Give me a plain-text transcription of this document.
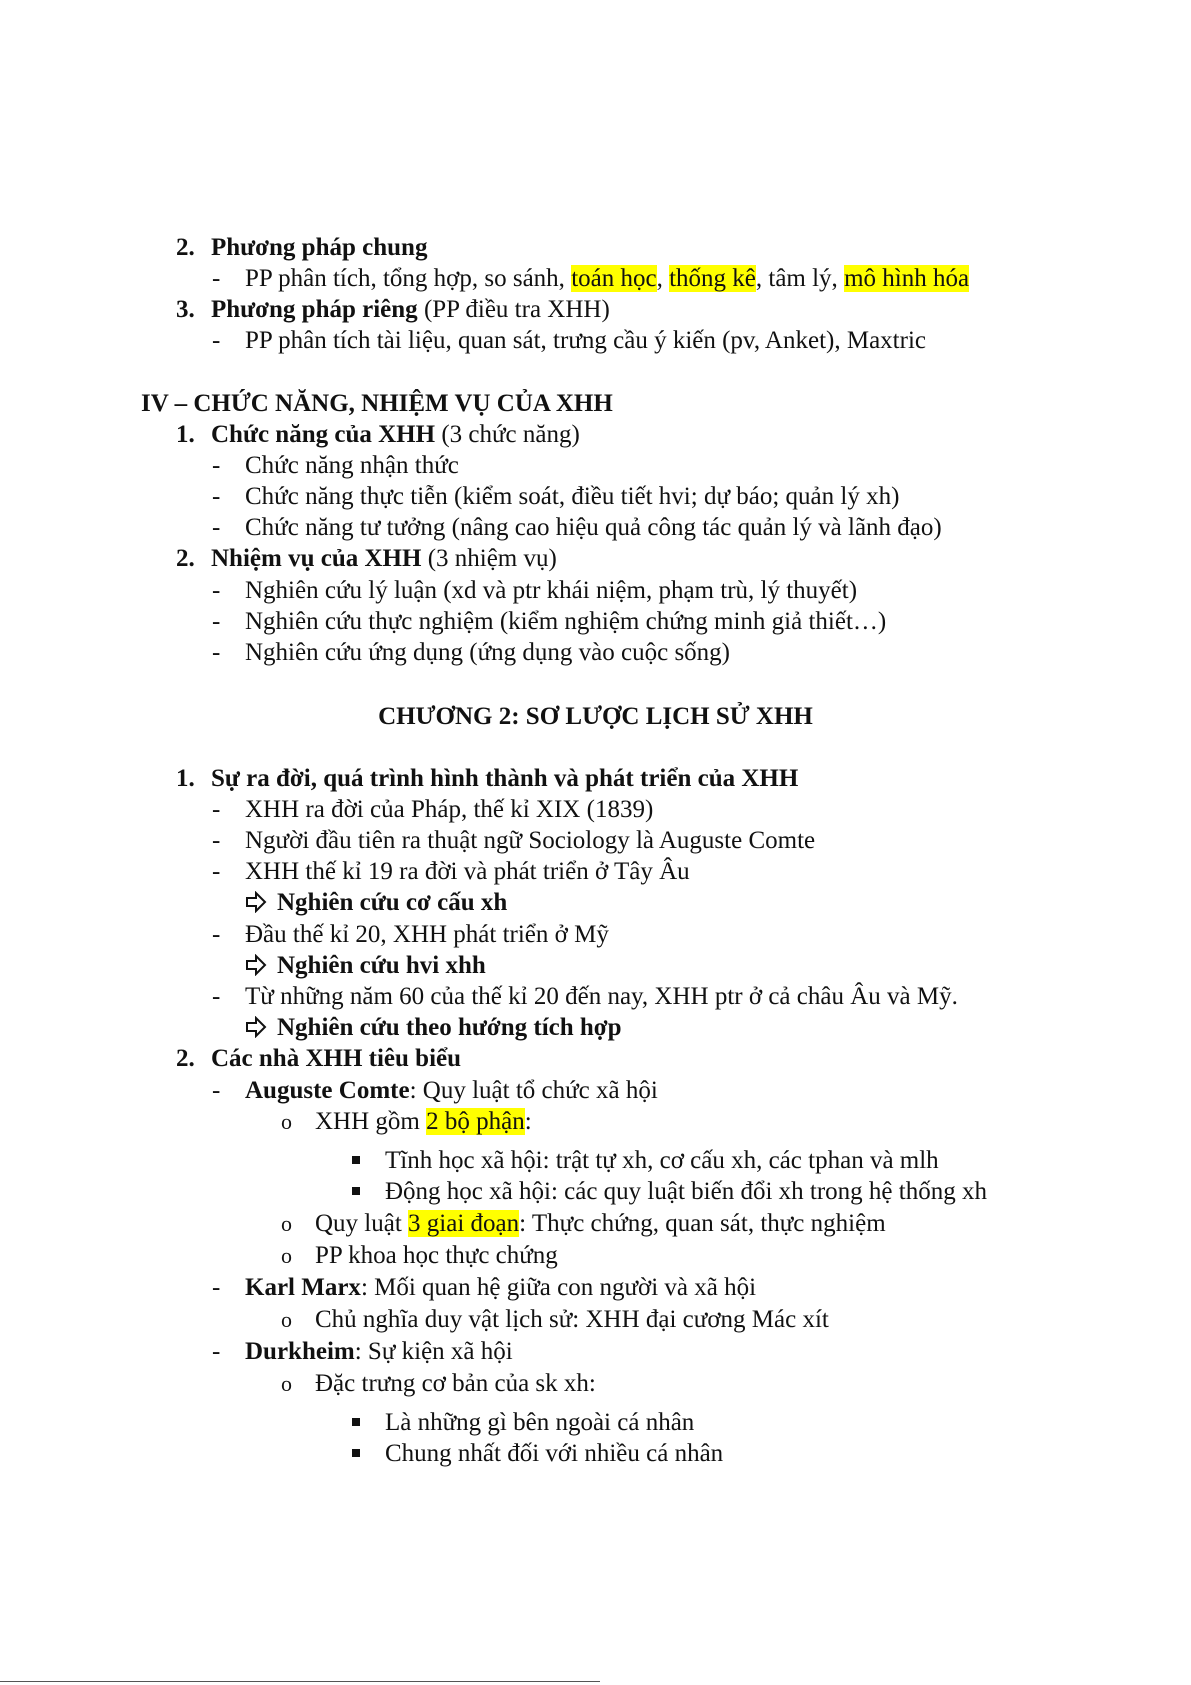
2. Phương pháp chung
- PP phân tích, tổng hợp, so sánh, toán học, thống kê, tâm lý, mô hình hóa
3. Phương pháp riêng (PP điều tra XHH)
- PP phân tích tài liệu, quan sát, trưng cầu ý kiến (pv, Anket), Maxtric
IV – CHỨC NĂNG, NHIỆM VỤ CỦA XHH
1. Chức năng của XHH (3 chức năng)
- Chức năng nhận thức
- Chức năng thực tiễn (kiểm soát, điều tiết hvi; dự báo; quản lý xh)
- Chức năng tư tưởng (nâng cao hiệu quả công tác quản lý và lãnh đạo)
2. Nhiệm vụ của XHH (3 nhiệm vụ)
- Nghiên cứu lý luận (xd và ptr khái niệm, phạm trù, lý thuyết)
- Nghiên cứu thực nghiệm (kiểm nghiệm chứng minh giả thiết…)
- Nghiên cứu ứng dụng (ứng dụng vào cuộc sống)
CHƯƠNG 2: SƠ LƯỢC LỊCH SỬ XHH
1. Sự ra đời, quá trình hình thành và phát triển của XHH
- XHH ra đời của Pháp, thế kỉ XIX (1839)
- Người đầu tiên ra thuật ngữ Sociology là Auguste Comte
- XHH thế kỉ 19 ra đời và phát triển ở Tây Âu
Nghiên cứu cơ cấu xh
- Đầu thế kỉ 20, XHH phát triển ở Mỹ
Nghiên cứu hvi xhh
- Từ những năm 60 của thế kỉ 20 đến nay, XHH ptr ở cả châu Âu và Mỹ.
Nghiên cứu theo hướng tích hợp
2. Các nhà XHH tiêu biểu
- Auguste Comte: Quy luật tổ chức xã hội
o XHH gồm 2 bộ phận:
Tĩnh học xã hội: trật tự xh, cơ cấu xh, các tphan và mlh
Động học xã hội: các quy luật biến đổi xh trong hệ thống xh
o Quy luật 3 giai đoạn: Thực chứng, quan sát, thực nghiệm
o PP khoa học thực chứng
- Karl Marx: Mối quan hệ giữa con người và xã hội
o Chủ nghĩa duy vật lịch sử: XHH đại cương Mác xít
- Durkheim: Sự kiện xã hội
o Đặc trưng cơ bản của sk xh:
Là những gì bên ngoài cá nhân
Chung nhất đối với nhiều cá nhân
